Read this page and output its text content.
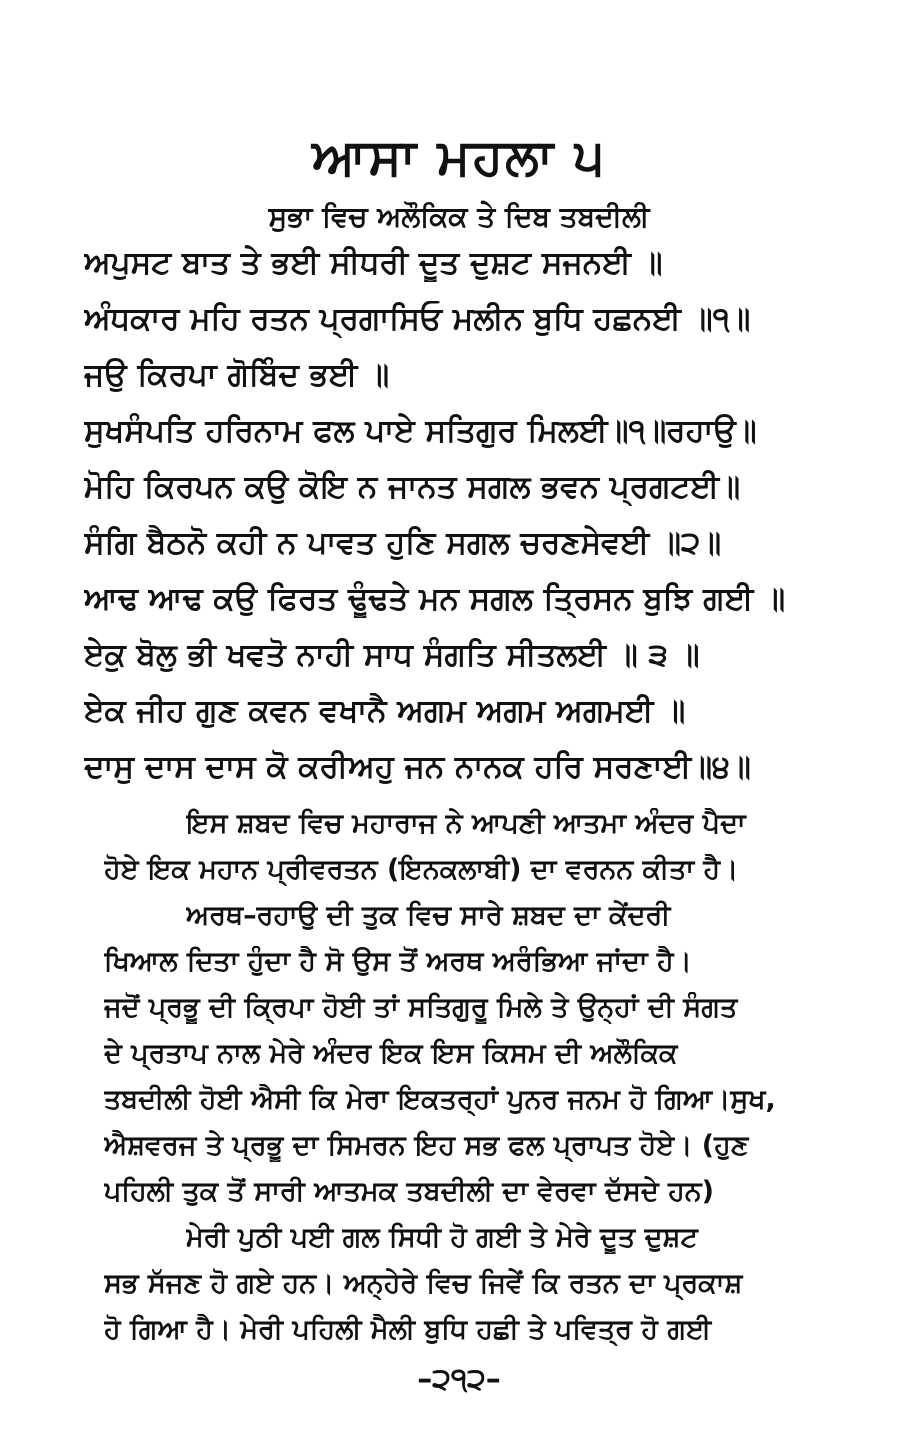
ਆਸਾ ਮਹਲਾ ੫
ਸੁਭਾ ਵਿਚ ਅਲੌਕਿਕ ਤੇ ਦਿਬ ਤਬਦੀਲੀ
ਅਪੁਸਟ ਬਾਤ ਤੇ ਭਈ ਸੀਧਰੀ ਦੂਤ ਦੁਸ਼ਟ ਸਜਨਈ ॥
ਅੰਧਕਾਰ ਮਹਿ ਰਤਨ ਪ੍ਰਗਾਸਿਓ ਮਲੀਨ ਬੁਧਿ ਹਛਨਈ ॥੧॥
ਜਉ ਕਿਰਪਾ ਗੋਬਿੰਦ ਭਈ ॥
ਸੁਖਸੰਪਤਿ ਹਰਿਨਾਮ ਫਲ ਪਾਏ ਸਤਿਗੁਰ ਮਿਲਈ॥੧॥ਰਹਾਉ॥
ਮੋਹਿ ਕਿਰਪਨ ਕਉ ਕੋਇ ਨ ਜਾਨਤ ਸਗਲ ਭਵਨ ਪ੍ਰਗਟਈ॥
ਸੰਗਿ ਬੈਠਨੋ ਕਹੀ ਨ ਪਾਵਤ ਹੁਣਿ ਸਗਲ ਚਰਣਸੇਵਈ ॥੨॥
ਆਢ ਆਢ ਕਉ ਫਿਰਤ ਢੂੰਢਤੇ ਮਨ ਸਗਲ ਤ੍ਰਿਸਨ ਬੁਝਿ ਗਈ ॥
ਏਕੁ ਬੋਲੁ ਭੀ ਖਵਤੋ ਨਾਹੀ ਸਾਧ ਸੰਗਤਿ ਸੀਤਲਈ ॥ ੩ ॥
ਏਕ ਜੀਹ ਗੁਣ ਕਵਨ ਵਖਾਨੈ ਅਗਮ ਅਗਮ ਅਗਮਈ ॥
ਦਾਸੁ ਦਾਸ ਦਾਸ ਕੋ ਕਰੀਅਹੁ ਜਨ ਨਾਨਕ ਹਰਿ ਸਰਣਾਈ॥੪॥
ਇਸ ਸ਼ਬਦ ਵਿਚ ਮਹਾਰਾਜ ਨੇ ਆਪਣੀ ਆਤਮਾ ਅੰਦਰ ਪੈਦਾ
ਹੋਏ ਇਕ ਮਹਾਨ ਪ੍ਰੀਵਰਤਨ (ਇਨਕਲਾਬੀ) ਦਾ ਵਰਨਨ ਕੀਤਾ ਹੈ।
ਅਰਥ–ਰਹਾਉ ਦੀ ਤੁਕ ਵਿਚ ਸਾਰੇ ਸ਼ਬਦ ਦਾ ਕੇਂਦਰੀ
ਖਿਆਲ ਦਿਤਾ ਹੁੰਦਾ ਹੈ ਸੋ ਉਸ ਤੋਂ ਅਰਥ ਅਰੰਭਿਆ ਜਾਂਦਾ ਹੈ।
ਜਦੋਂ ਪ੍ਰਭੂ ਦੀ ਕ੍ਰਿਪਾ ਹੋਈ ਤਾਂ ਸਤਿਗੁਰੂ ਮਿਲੇ ਤੇ ਉਨ੍ਹਾਂ ਦੀ ਸੰਗਤ
ਦੇ ਪ੍ਰਤਾਪ ਨਾਲ ਮੇਰੇ ਅੰਦਰ ਇਕ ਇਸ ਕਿਸਮ ਦੀ ਅਲੌਕਿਕ
ਤਬਦੀਲੀ ਹੋਈ ਐਸੀ ਕਿ ਮੇਰਾ ਇਕਤਰ੍ਹਾਂ ਪੁਨਰ ਜਨਮ ਹੋ ਗਿਆ।ਸੁਖ,
ਐਸ਼ਵਰਜ ਤੇ ਪ੍ਰਭੂ ਦਾ ਸਿਮਰਨ ਇਹ ਸਭ ਫਲ ਪ੍ਰਾਪਤ ਹੋਏ। (ਹੁਣ
ਪਹਿਲੀ ਤੁਕ ਤੋਂ ਸਾਰੀ ਆਤਮਕ ਤਬਦੀਲੀ ਦਾ ਵੇਰਵਾ ਦੱਸਦੇ ਹਨ)
ਮੇਰੀ ਪੁਠੀ ਪਈ ਗਲ ਸਿਧੀ ਹੋ ਗਈ ਤੇ ਮੇਰੇ ਦੂਤ ਦੁਸ਼ਟ
ਸਭ ਸੱਜਣ ਹੋ ਗਏ ਹਨ। ਅਨ੍ਹੇਰੇ ਵਿਚ ਜਿਵੇਂ ਕਿ ਰਤਨ ਦਾ ਪ੍ਰਕਾਸ਼
ਹੋ ਗਿਆ ਹੈ। ਮੇਰੀ ਪਹਿਲੀ ਮੈਲੀ ਬੁਧਿ ਹਛੀ ਤੇ ਪਵਿਤ੍ਰ ਹੋ ਗਈ
–੨੧੨–
